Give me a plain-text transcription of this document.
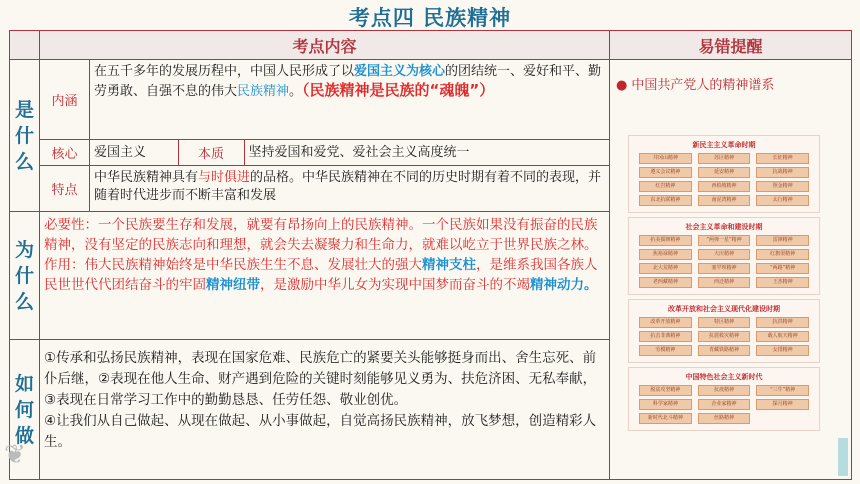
考点四 民族精神
	考点内容	易错提醒

是
什
么
	内涵	在五千多年的发展历程中，中国人民形成了以爱国主义为核心的团结统一、爱好和平、勤劳勇敢、自强不息的伟大民族精神。（民族精神是民族的“魂魄”）	● 中国共产党人的精神谱系
核心	爱国主义	本质	坚持爱国和爱党、爱社会主义高度统一

特点	中华民族精神具有与时俱进的品格。中华民族精神在不同的历史时期有着不同的表现，并随着时代进步而不断丰富和发展

为
什
么
	必要性：一个民族要生存和发展，就要有昂扬向上的民族精神。一个民族如果没有振奋的民族精神，没有坚定的民族志向和理想，就会失去凝聚力和生命力，就难以屹立于世界民族之林。
作用：伟大民族精神始终是中华民族生生不息、发展壮大的强大精神支柱，是维系我国各族人民世世代代团结奋斗的牢固精神纽带，是激励中华儿女为实现中国梦而奋斗的不竭精神动力。

如
何
做
	①传承和弘扬民族精神，表现在国家危难、民族危亡的紧要关头能够挺身而出、舍生忘死、前仆后继，②表现在他人生命、财产遇到危险的关键时刻能够见义勇为、扶危济困、无私奉献，③表现在日常学习工作中的勤勤恳恳、任劳任怨、敬业创优。
④让我们从自己做起、从现在做起、从小事做起，自觉高扬民族精神，放飞梦想，创造精彩人生。
新民主主义革命时期
井冈山精神	苏区精神	长征精神
遵义会议精神	延安精神	抗战精神
红岩精神	西柏坡精神	照金精神
东北抗联精神	南泥湾精神	太行精神
社会主义革命和建设时期
抗美援朝精神	“两弹一星”精神	雷锋精神
焦裕禄精神	大庆精神	红旗渠精神
北大荒精神	塞罕坝精神	“两路”精神
老西藏精神	西迁精神	王杰精神
改革开放和社会主义现代化建设时期
改革开放精神	特区精神	抗洪精神
抗击非典精神	抗震救灾精神	载人航天精神
劳模精神	青藏铁路精神	女排精神
中国特色社会主义新时代
脱贫攻坚精神	抗疫精神	“三牛”精神
科学家精神	企业家精神	探月精神
新时代北斗精神	丝路精神
❦
